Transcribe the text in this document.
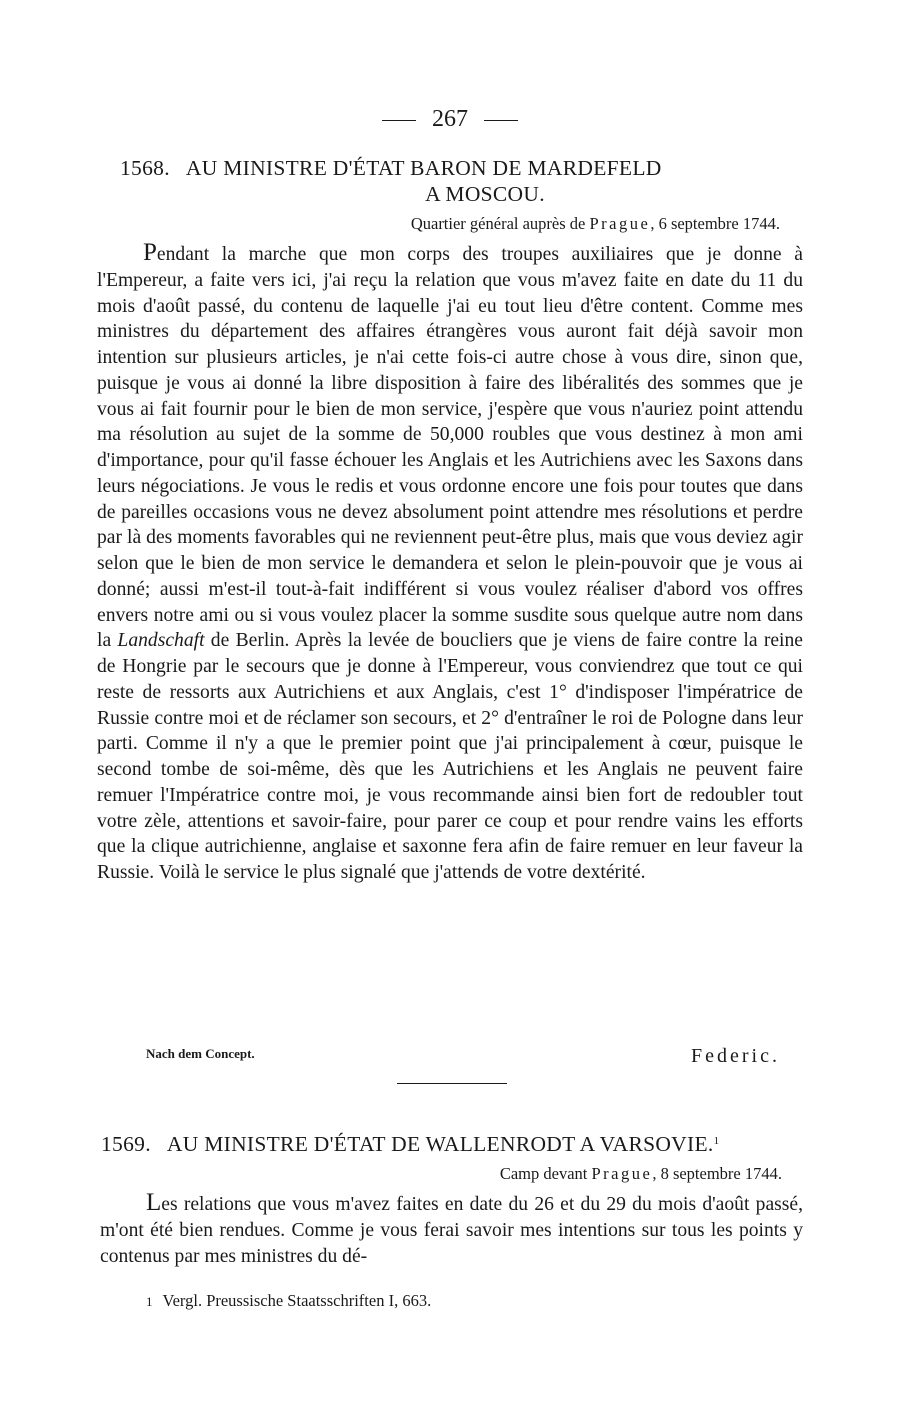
267
1568. AU MINISTRE D'ÉTAT BARON DE MARDEFELD
A MOSCOU.
Quartier général auprès de Prague, 6 septembre 1744.

Pendant la marche que mon corps des troupes auxiliaires que je donne à l'Empereur, a faite vers ici, j'ai reçu la relation que vous m'avez faite en date du 11 du mois d'août passé, du contenu de laquelle j'ai eu tout lieu d'être content. Comme mes ministres du département des affaires étrangères vous auront fait déjà savoir mon intention sur plusieurs articles, je n'ai cette fois-ci autre chose à vous dire, sinon que, puisque je vous ai donné la libre disposition à faire des libéralités des sommes que je vous ai fait fournir pour le bien de mon service, j'espère que vous n'auriez point attendu ma résolution au sujet de la somme de 50,000 roubles que vous destinez à mon ami d'importance, pour qu'il fasse échouer les Anglais et les Autrichiens avec les Saxons dans leurs négociations. Je vous le redis et vous ordonne encore une fois pour toutes que dans de pareilles occasions vous ne devez absolument point attendre mes résolutions et perdre par là des moments favorables qui ne reviennent peut-être plus, mais que vous deviez agir selon que le bien de mon service le demandera et selon le plein-pouvoir que je vous ai donné; aussi m'est-il tout-à-fait indifférent si vous voulez réaliser d'abord vos offres envers notre ami ou si vous voulez placer la somme susdite sous quelque autre nom dans la Landschaft de Berlin. Après la levée de boucliers que je viens de faire contre la reine de Hongrie par le secours que je donne à l'Empereur, vous conviendrez que tout ce qui reste de ressorts aux Autrichiens et aux Anglais, c'est 1° d'indisposer l'impératrice de Russie contre moi et de réclamer son secours, et 2° d'entraîner le roi de Pologne dans leur parti. Comme il n'y a que le premier point que j'ai principalement à cœur, puisque le second tombe de soi-même, dès que les Autrichiens et les Anglais ne peuvent faire remuer l'Impératrice contre moi, je vous recommande ainsi bien fort de redoubler tout votre zèle, attentions et savoir-faire, pour parer ce coup et pour rendre vains les efforts que la clique autrichienne, anglaise et saxonne fera afin de faire remuer en leur faveur la Russie. Voilà le service le plus signalé que j'attends de votre dextérité.

Nach dem Concept.	Federic.
1569. AU MINISTRE D'ÉTAT DE WALLENRODT A VARSOVIE.$^1$
Camp devant Prague, 8 septembre 1744.

Les relations que vous m'avez faites en date du 26 et du 29 du mois d'août passé, m'ont été bien rendues. Comme je vous ferai savoir mes intentions sur tous les points y contenus par mes ministres du dé-

1 Vergl. Preussische Staatsschriften I, 663.
